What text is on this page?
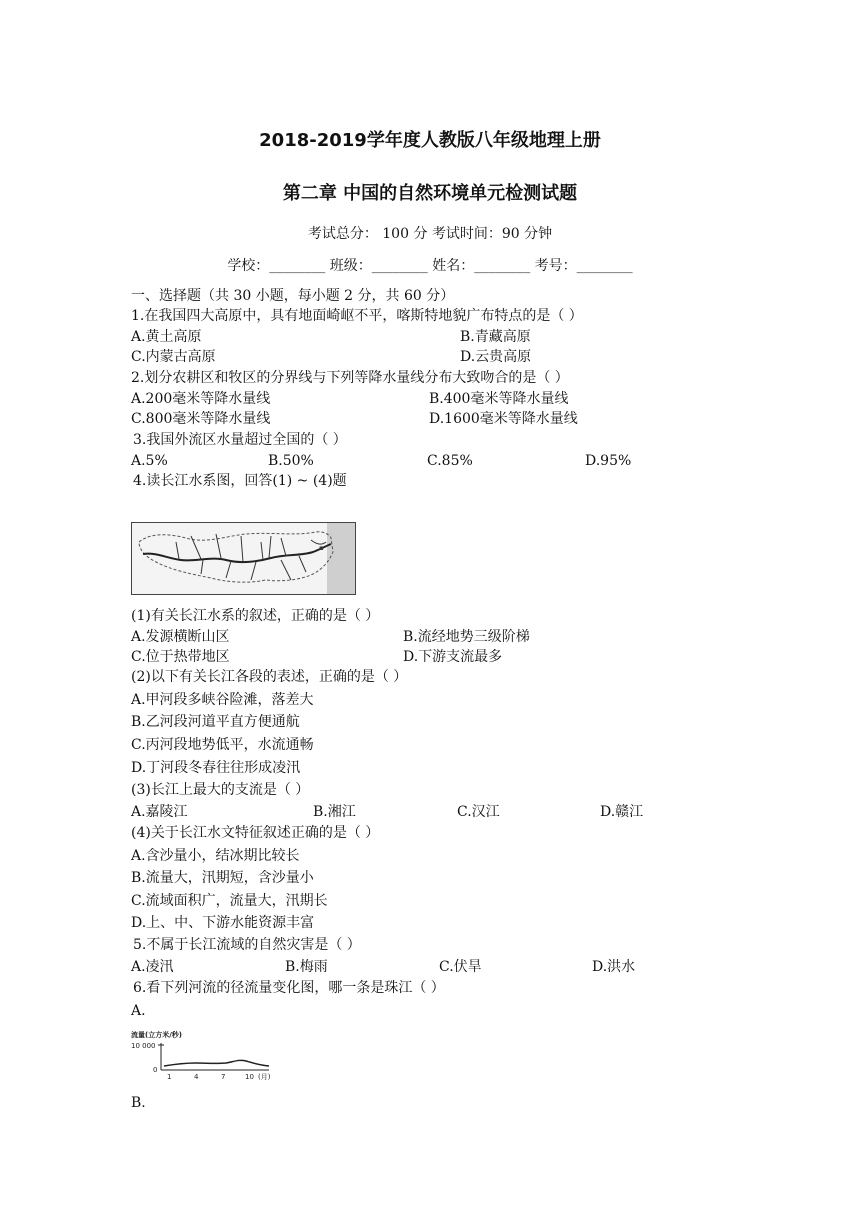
2018-2019学年度人教版八年级地理上册
第二章 中国的自然环境单元检测试题
考试总分： 100 分 考试时间：90 分钟
学校：________ 班级：________ 姓名：________ 考号：________
一、选择题（共 30 小题，每小题 2 分，共 60 分）
1.在我国四大高原中，具有地面崎岖不平，喀斯特地貌广布特点的是（ ）
A.黄土高原	B.青藏高原
C.内蒙古高原	D.云贵高原
2.划分农耕区和牧区的分界线与下列等降水量线分布大致吻合的是（ ）
A.200毫米等降水量线	B.400毫米等降水量线
C.800毫米等降水量线	D.1600毫米等降水量线
3.我国外流区水量超过全国的（ ）
A.5%	B.50%	C.85%	D.95%
4.读长江水系图，回答(1) ~ (4)题
▪
(1)有关长江水系的叙述，正确的是（ ）
A.发源横断山区	B.流经地势三级阶梯
C.位于热带地区	D.下游支流最多
(2)以下有关长江各段的表述，正确的是（ ）
A.甲河段多峡谷险滩，落差大
B.乙河段河道平直方便通航
C.丙河段地势低平，水流通畅
D.丁河段冬春往往形成凌汛
(3)长江上最大的支流是（ ）
A.嘉陵江	B.湘江	C.汉江	D.赣江
(4)关于长江水文特征叙述正确的是（ ）
A.含沙量小，结冰期比较长
B.流量大，汛期短，含沙量小
C.流域面积广，流量大，汛期长
D.上、中、下游水能资源丰富
5.不属于长江流域的自然灾害是（ ）
A.凌汛	B.梅雨	C.伏旱	D.洪水
6.看下列河流的径流量变化图，哪一条是珠江（ ）
A.
流量(立方米/秒)
10 000
0
1	4	7	10 (月)
B.
